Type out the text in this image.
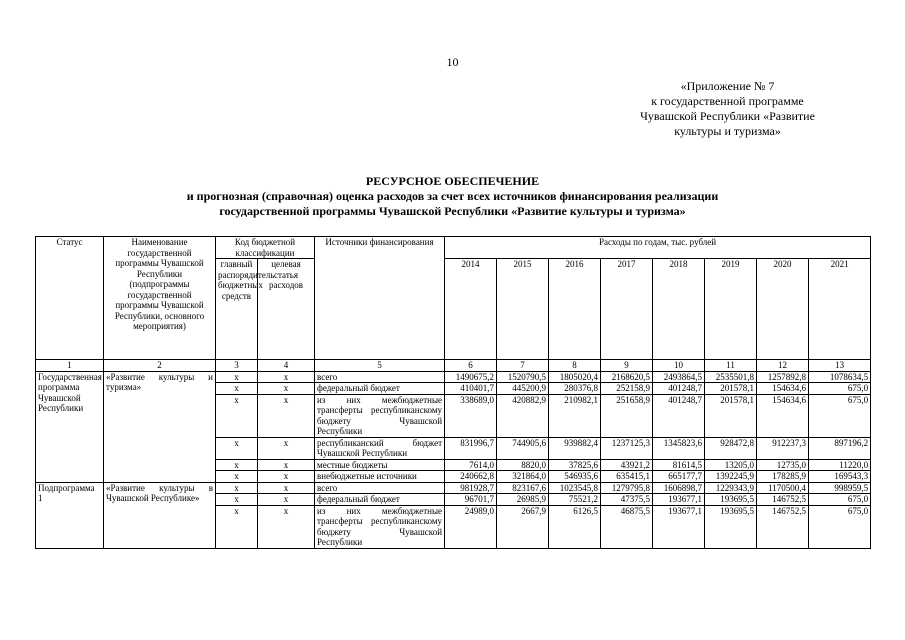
10
«Приложение № 7
к государственной программе
Чувашской Республики «Развитие
культуры и туризма»
РЕСУРСНОЕ ОБЕСПЕЧЕНИЕ
и прогнозная (справочная) оценка расходов за счет всех источников финансирования реализации
государственной программы Чувашской Республики «Развитие культуры и туризма»
Статус	Наименование государственной программы Чувашской Республики (подпрограммы государственной программы Чувашской Республики, основного мероприятия)	Код бюджетной классификации		Источники финансирования	Расходы по годам, тыс. рублей							
		главный распорядитель бюджетных средств	целевая статья расходов		2014	2015	2016	2017	2018	2019	2020	2021
1	2	3	4	5	6	7	8	9	10	11	12	13
Государственная программа Чувашской Республики	«Развитие культуры и туризма»	х	х	всего	1490675,2	1520790,5	1805020,4	2168620,5	2493864,5	2535501,8	1257892,8	1078634,5
		х	х	федеральный бюджет	410401,7	445200,9	280376,8	252158,9	401248,7	201578,1	154634,6	675,0
		х	х	из них межбюджетные трансферты республиканскому бюджету Чувашской Республики	338689,0	420882,9	210982,1	251658,9	401248,7	201578,1	154634,6	675,0
		х	х	республиканский бюджет Чувашской Республики	831996,7	744905,6	939882,4	1237125,3	1345823,6	928472,8	912237,3	897196,2
		х	х	местные бюджеты	7614,0	8820,0	37825,6	43921,2	81614,5	13205,0	12735,0	11220,0
		х	х	внебюджетные источники	240662,8	321864,0	546935,6	635415,1	665177,7	1392245,9	178285,9	169543,3
Подпрограмма 1	«Развитие культуры в Чувашской Республике»	х	х	всего	981928,7	823167,6	1023545,8	1279795,8	1606898,7	1229343,9	1170500,4	998959,5
		х	х	федеральный бюджет	96701,7	26985,9	75521,2	47375,5	193677,1	193695,5	146752,5	675,0
		х	х	из них межбюджетные трансферты республиканскому бюджету Чувашской Республики	24989,0	2667,9	6126,5	46875,5	193677,1	193695,5	146752,5	675,0
